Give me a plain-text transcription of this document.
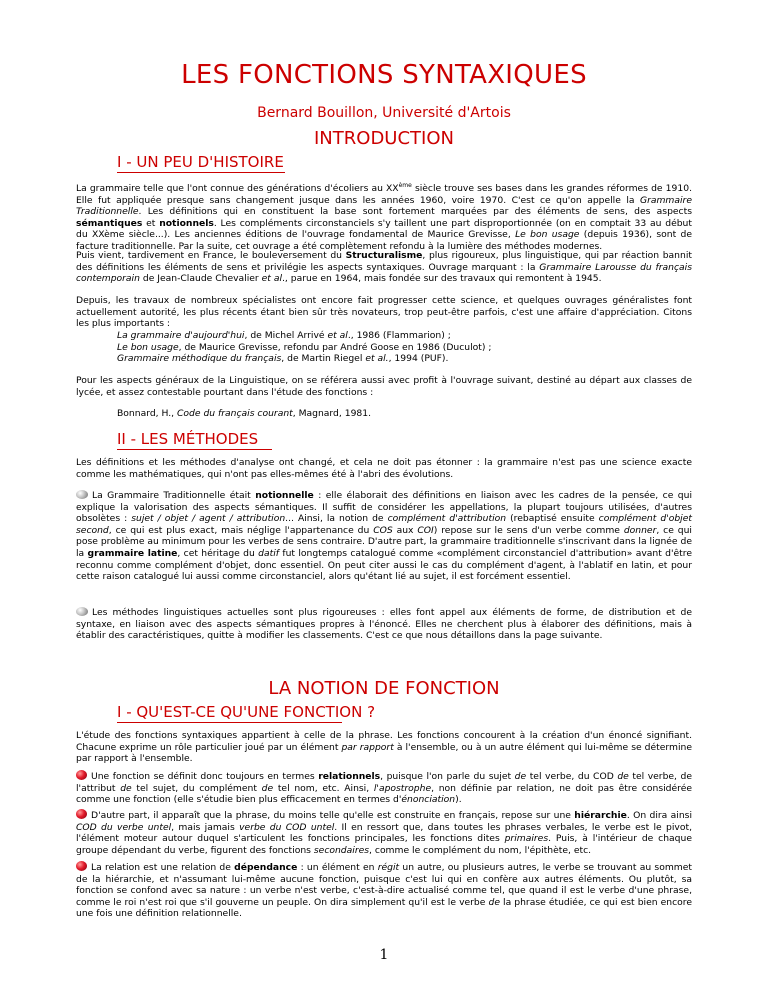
LES FONCTIONS SYNTAXIQUES
Bernard Bouillon, Université d'Artois
INTRODUCTION
I - UN PEU D'HISTOIRE

La grammaire telle que l'ont connue des générations d'écoliers au XXème siècle trouve ses bases dans les grandes réformes de 1910. Elle fut appliquée presque sans changement jusque dans les années 1960, voire 1970. C'est ce qu'on appelle la Grammaire Traditionnelle. Les définitions qui en constituent la base sont fortement marquées par des éléments de sens, des aspects sémantiques et notionnels. Les compléments circonstanciels s'y taillent une part disproportionnée (on en comptait 33 au début du XXème siècle...). Les anciennes éditions de l'ouvrage fondamental de Maurice Grevisse, Le bon usage (depuis 1936), sont de facture traditionnelle. Par la suite, cet ouvrage a été complètement refondu à la lumière des méthodes modernes.

Puis vient, tardivement en France, le bouleversement du Structuralisme, plus rigoureux, plus linguistique, qui par réaction bannit des définitions les éléments de sens et privilégie les aspects syntaxiques. Ouvrage marquant : la Grammaire Larousse du français contemporain de Jean-Claude Chevalier et al., parue en 1964, mais fondée sur des travaux qui remontent à 1945.

Depuis, les travaux de nombreux spécialistes ont encore fait progresser cette science, et quelques ouvrages généralistes font actuellement autorité, les plus récents étant bien sûr très novateurs, trop peut-être parfois, c'est une affaire d'appréciation. Citons les plus importants :

La grammaire d'aujourd'hui, de Michel Arrivé et al., 1986 (Flammarion) ;
Le bon usage, de Maurice Grevisse, refondu par André Goose en 1986 (Duculot) ;
Grammaire méthodique du français, de Martin Riegel et al., 1994 (PUF).

Pour les aspects généraux de la Linguistique, on se référera aussi avec profit à l'ouvrage suivant, destiné au départ aux classes de lycée, et assez contestable pourtant dans l'étude des fonctions :

Bonnard, H., Code du français courant, Magnard, 1981.

II - LES MÉTHODES

Les définitions et les méthodes d'analyse ont changé, et cela ne doit pas étonner : la grammaire n'est pas une science exacte comme les mathématiques, qui n'ont pas elles-mêmes été à l'abri des évolutions.

La Grammaire Traditionnelle était notionnelle : elle élaborait des définitions en liaison avec les cadres de la pensée, ce qui explique la valorisation des aspects sémantiques. Il suffit de considérer les appellations, la plupart toujours utilisées, d'autres obsolètes : sujet / objet / agent / attribution... Ainsi, la notion de complément d'attribution (rebaptisé ensuite complément d'objet second, ce qui est plus exact, mais néglige l'appartenance du COS aux COI) repose sur le sens d'un verbe comme donner, ce qui pose problème au minimum pour les verbes de sens contraire. D'autre part, la grammaire traditionnelle s'inscrivant dans la lignée de la grammaire latine, cet héritage du datif fut longtemps catalogué comme «complément circonstanciel d'attribution» avant d'être reconnu comme complément d'objet, donc essentiel. On peut citer aussi le cas du complément d'agent, à l'ablatif en latin, et pour cette raison catalogué lui aussi comme circonstanciel, alors qu'étant lié au sujet, il est forcément essentiel.

Les méthodes linguistiques actuelles sont plus rigoureuses : elles font appel aux éléments de forme, de distribution et de syntaxe, en liaison avec des aspects sémantiques propres à l'énoncé. Elles ne cherchent plus à élaborer des définitions, mais à établir des caractéristiques, quitte à modifier les classements. C'est ce que nous détaillons dans la page suivante.

LA NOTION DE FONCTION
I - QU'EST-CE QU'UNE FONCTION ?

L'étude des fonctions syntaxiques appartient à celle de la phrase. Les fonctions concourent à la création d'un énoncé signifiant. Chacune exprime un rôle particulier joué par un élément par rapport à l'ensemble, ou à un autre élément qui lui-même se détermine par rapport à l'ensemble.

Une fonction se définit donc toujours en termes relationnels, puisque l'on parle du sujet de tel verbe, du COD de tel verbe, de l'attribut de tel sujet, du complément de tel nom, etc. Ainsi, l'apostrophe, non définie par relation, ne doit pas être considérée comme une fonction (elle s'étudie bien plus efficacement en termes d'énonciation).

D'autre part, il apparaît que la phrase, du moins telle qu'elle est construite en français, repose sur une hiérarchie. On dira ainsi COD du verbe untel, mais jamais verbe du COD untel. Il en ressort que, dans toutes les phrases verbales, le verbe est le pivot, l'élément moteur autour duquel s'articulent les fonctions principales, les fonctions dites primaires. Puis, à l'intérieur de chaque groupe dépendant du verbe, figurent des fonctions secondaires, comme le complément du nom, l'épithète, etc.

La relation est une relation de dépendance : un élément en régit un autre, ou plusieurs autres, le verbe se trouvant au sommet de la hiérarchie, et n'assumant lui-même aucune fonction, puisque c'est lui qui en confère aux autres éléments. Ou plutôt, sa fonction se confond avec sa nature : un verbe n'est verbe, c'est-à-dire actualisé comme tel, que quand il est le verbe d'une phrase, comme le roi n'est roi que s'il gouverne un peuple. On dira simplement qu'il est le verbe de la phrase étudiée, ce qui est bien encore une fois une définition relationnelle.

1
